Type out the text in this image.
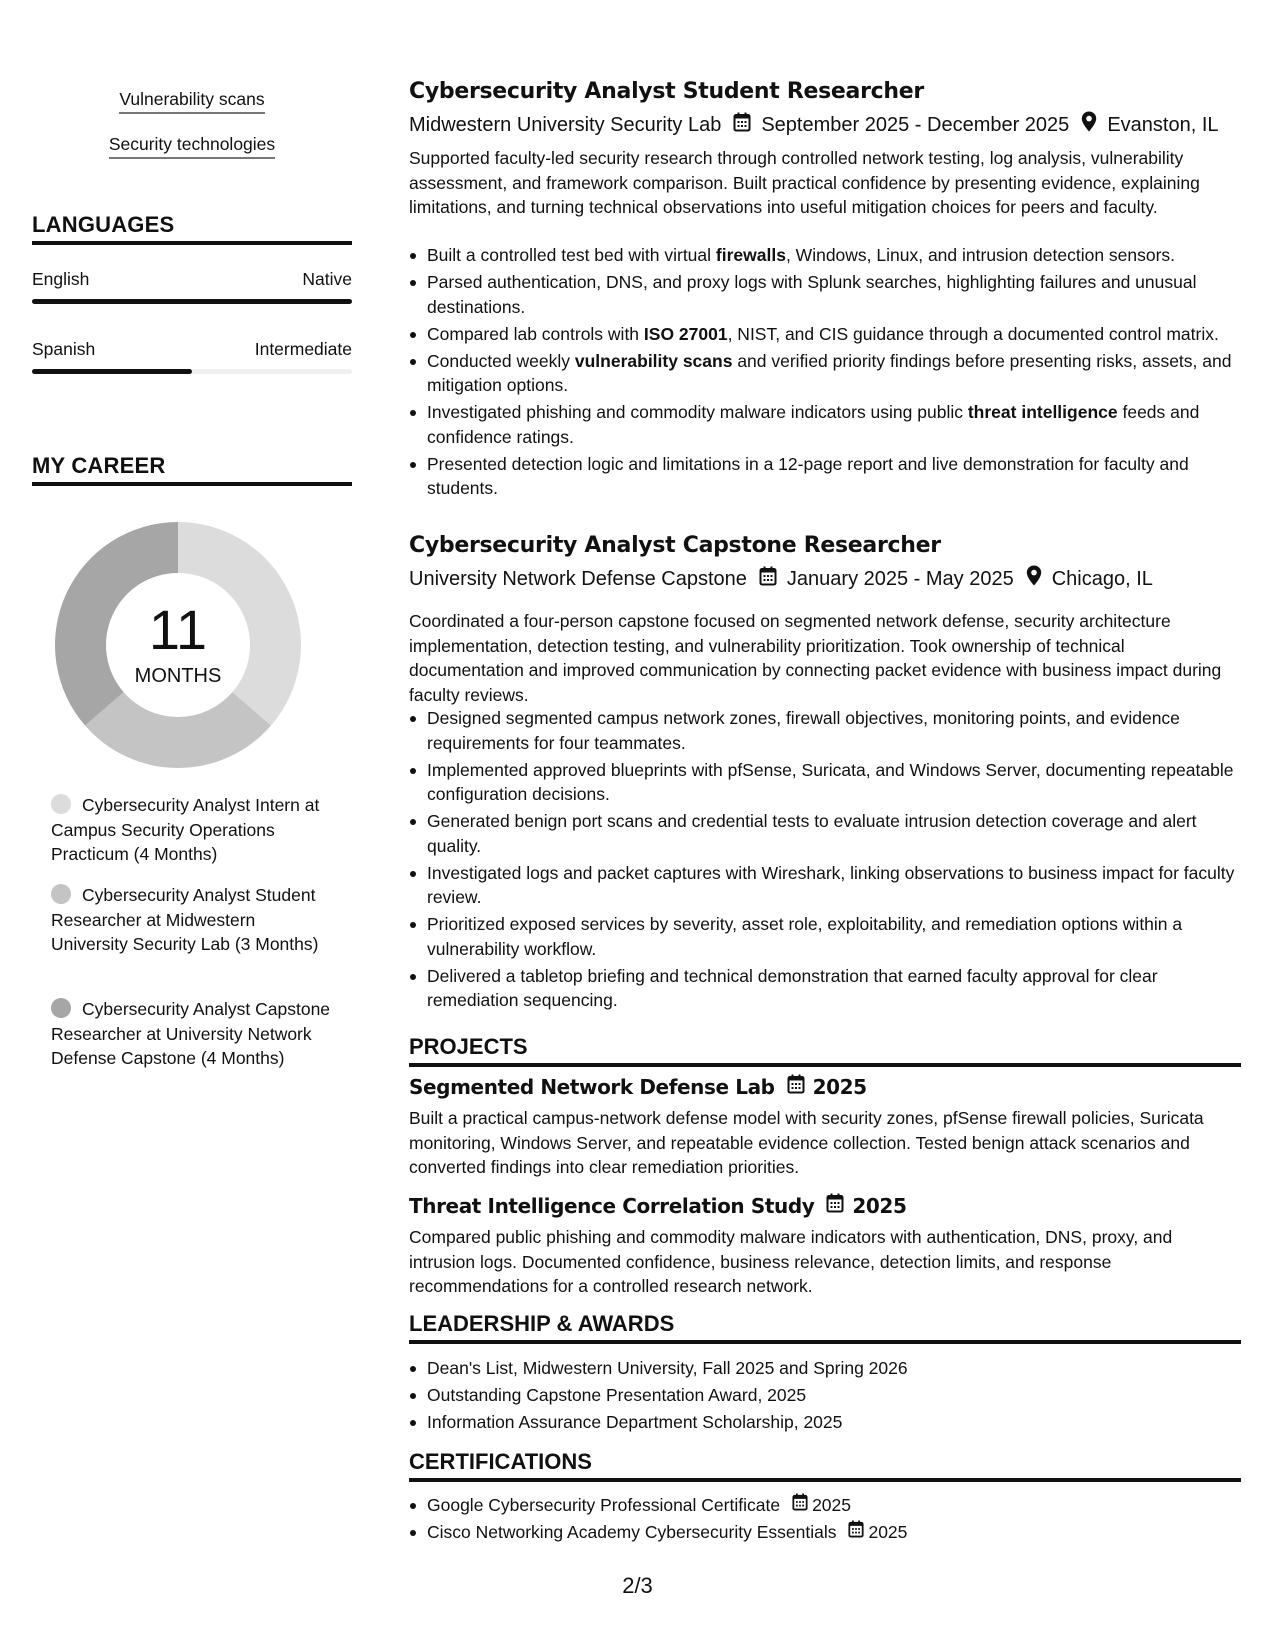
Vulnerability scans
Security technologies
LANGUAGES
English	Native
Spanish	Intermediate
MY CAREER
11
MONTHS
Cybersecurity Analyst Intern at Campus Security Operations Practicum (4 Months)
Cybersecurity Analyst Student Researcher at Midwestern University Security Lab (3 Months)
Cybersecurity Analyst Capstone Researcher at University Network Defense Capstone (4 Months)
Cybersecurity Analyst Student Researcher
Midwestern University Security Lab September 2025 - December 2025 Evanston, IL
Supported faculty-led security research through controlled network testing, log analysis, vulnerability assessment, and framework comparison. Built practical confidence by presenting evidence, explaining limitations, and turning technical observations into useful mitigation choices for peers and faculty.
Built a controlled test bed with virtual firewalls, Windows, Linux, and intrusion detection sensors.
Parsed authentication, DNS, and proxy logs with Splunk searches, highlighting failures and unusual destinations.
Compared lab controls with ISO 27001, NIST, and CIS guidance through a documented control matrix.
Conducted weekly vulnerability scans and verified priority findings before presenting risks, assets, and mitigation options.
Investigated phishing and commodity malware indicators using public threat intelligence feeds and confidence ratings.
Presented detection logic and limitations in a 12-page report and live demonstration for faculty and students.
Cybersecurity Analyst Capstone Researcher
University Network Defense Capstone January 2025 - May 2025 Chicago, IL
Coordinated a four-person capstone focused on segmented network defense, security architecture implementation, detection testing, and vulnerability prioritization. Took ownership of technical documentation and improved communication by connecting packet evidence with business impact during faculty reviews.
Designed segmented campus network zones, firewall objectives, monitoring points, and evidence requirements for four teammates.
Implemented approved blueprints with pfSense, Suricata, and Windows Server, documenting repeatable configuration decisions.
Generated benign port scans and credential tests to evaluate intrusion detection coverage and alert quality.
Investigated logs and packet captures with Wireshark, linking observations to business impact for faculty review.
Prioritized exposed services by severity, asset role, exploitability, and remediation options within a vulnerability workflow.
Delivered a tabletop briefing and technical demonstration that earned faculty approval for clear remediation sequencing.
PROJECTS
Segmented Network Defense Lab 2025
Built a practical campus-network defense model with security zones, pfSense firewall policies, Suricata monitoring, Windows Server, and repeatable evidence collection. Tested benign attack scenarios and converted findings into clear remediation priorities.
Threat Intelligence Correlation Study 2025
Compared public phishing and commodity malware indicators with authentication, DNS, proxy, and intrusion logs. Documented confidence, business relevance, detection limits, and response recommendations for a controlled research network.
LEADERSHIP & AWARDS
Dean's List, Midwestern University, Fall 2025 and Spring 2026
Outstanding Capstone Presentation Award, 2025
Information Assurance Department Scholarship, 2025
CERTIFICATIONS
Google Cybersecurity Professional Certificate 2025
Cisco Networking Academy Cybersecurity Essentials 2025
2/3
